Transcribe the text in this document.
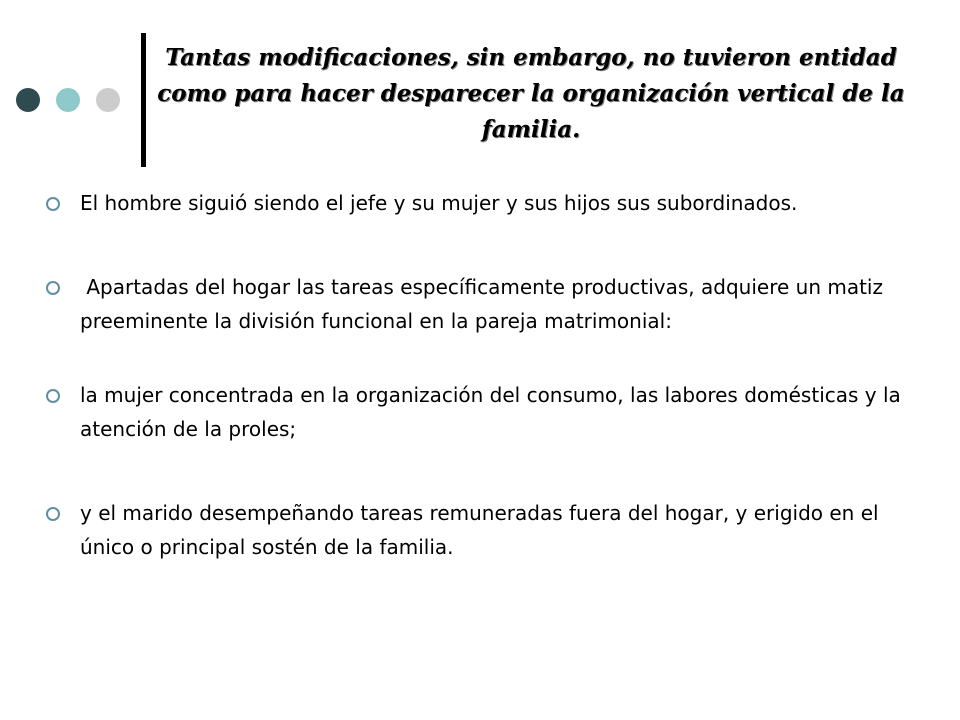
Tantas modificaciones, sin embargo, no tuvieron entidad como para hacer desparecer la organización vertical de la familia.
El hombre siguió siendo el jefe y su mujer y sus hijos sus subordinados.
Apartadas del hogar las tareas específicamente productivas, adquiere un matiz preeminente la división funcional en la pareja matrimonial:
la mujer concentrada en la organización del consumo, las labores domésticas y la atención de la proles;
y el marido desempeñando tareas remuneradas fuera del hogar, y erigido en el único o principal sostén de la familia.
